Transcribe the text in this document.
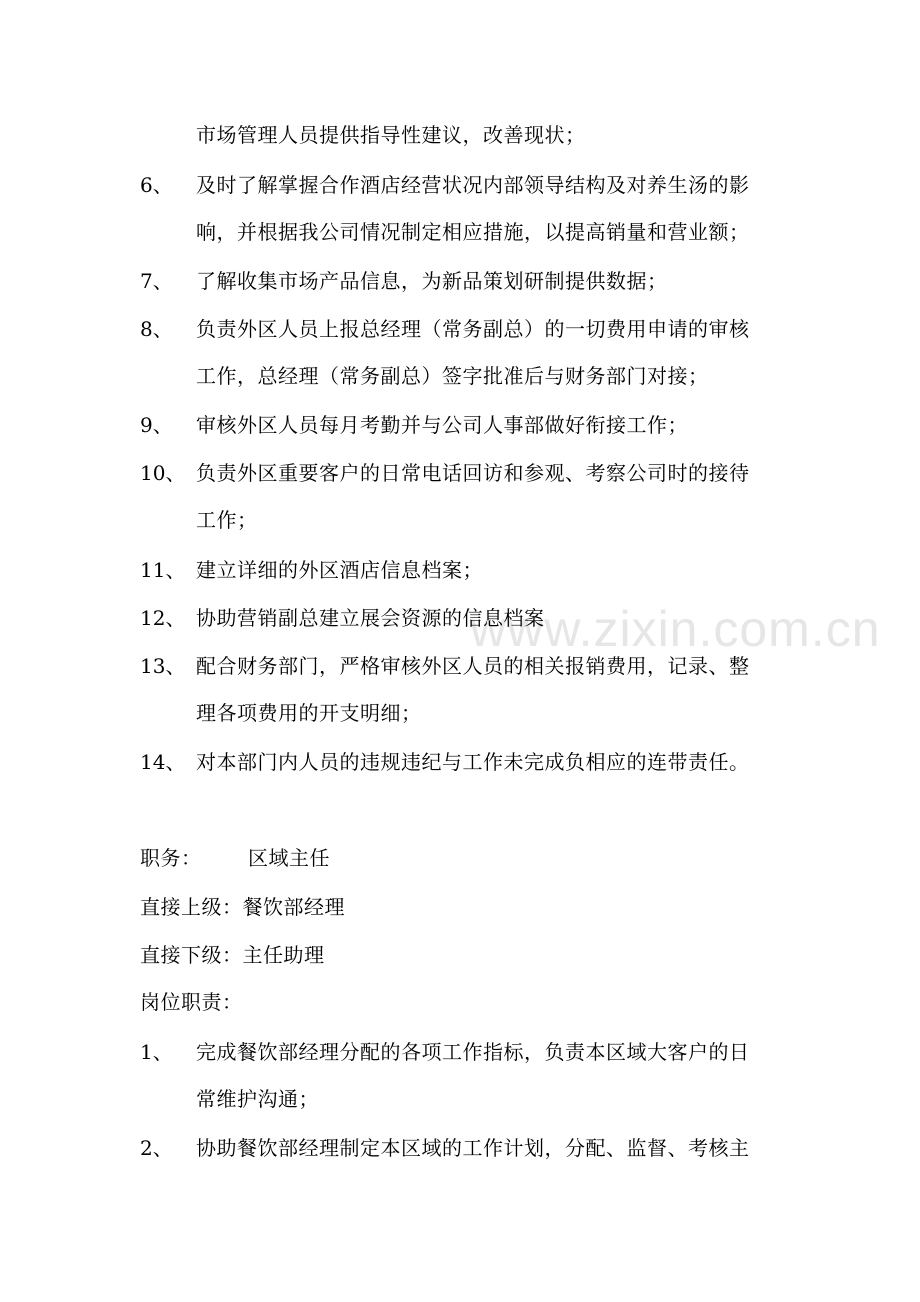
www.zixin.com.cn
市场管理人员提供指导性建议，改善现状；
6、 及时了解掌握合作酒店经营状况内部领导结构及对养生汤的影
响，并根据我公司情况制定相应措施，以提高销量和营业额；
7、 了解收集市场产品信息，为新品策划研制提供数据；
8、 负责外区人员上报总经理（常务副总）的一切费用申请的审核
工作，总经理（常务副总）签字批准后与财务部门对接；
9、 审核外区人员每月考勤并与公司人事部做好衔接工作；
10、 负责外区重要客户的日常电话回访和参观、考察公司时的接待
工作；
11、 建立详细的外区酒店信息档案；
12、 协助营销副总建立展会资源的信息档案
13、 配合财务部门，严格审核外区人员的相关报销费用，记录、整
理各项费用的开支明细；
14、 对本部门内人员的违规违纪与工作未完成负相应的连带责任。
职务： 区域主任
直接上级：餐饮部经理
直接下级：主任助理
岗位职责：
1、 完成餐饮部经理分配的各项工作指标，负责本区域大客户的日
常维护沟通；
2、 协助餐饮部经理制定本区域的工作计划，分配、监督、考核主
